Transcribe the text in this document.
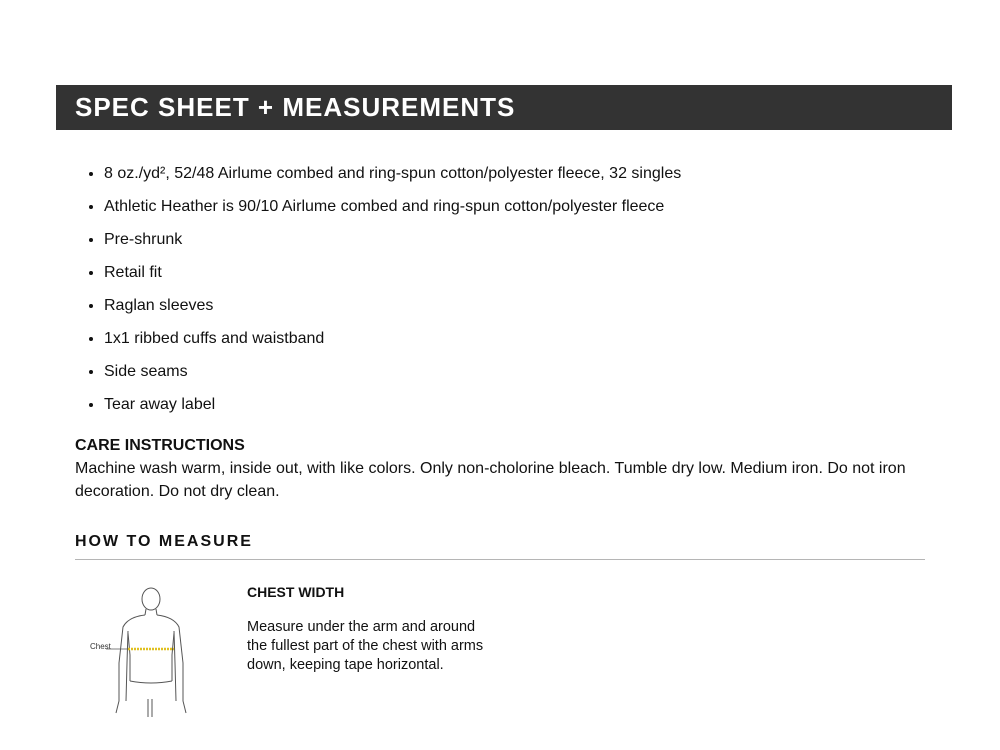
SPEC SHEET + MEASUREMENTS
• 8 oz./yd², 52/48 Airlume combed and ring-spun cotton/polyester fleece, 32 singles
• Athletic Heather is 90/10 Airlume combed and ring-spun cotton/polyester fleece
• Pre-shrunk
• Retail fit
• Raglan sleeves
• 1x1 ribbed cuffs and waistband
• Side seams
• Tear away label
CARE INSTRUCTIONS
Machine wash warm, inside out, with like colors. Only non-cholorine bleach. Tumble dry low. Medium iron. Do not iron decoration. Do not dry clean.
HOW TO MEASURE
Chest
CHEST WIDTH
Measure under the arm and around the fullest part of the chest with arms down, keeping tape horizontal.
